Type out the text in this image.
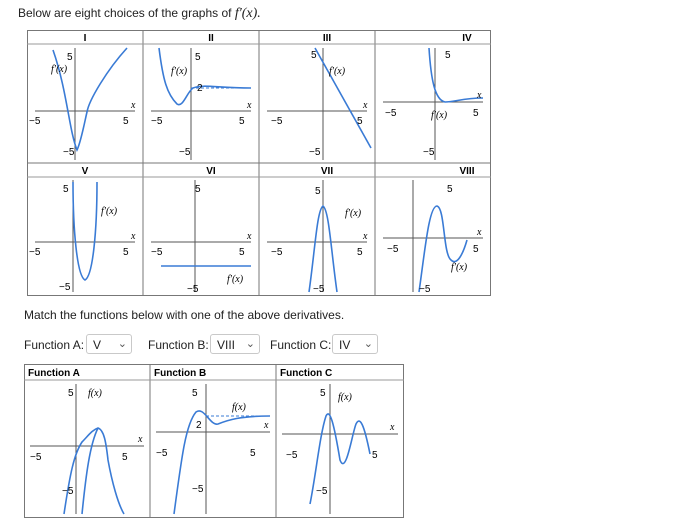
Below are eight choices of the graphs of f′(x).
I
f′(x)
5
−5	5
x
−5
II
f′(x)
5
2
−5	5
x
−5
III
f′(x)
5
−5	5
x
−5
IV
f′(x)
5
−5	5
x
−5
V
f′(x)
5
−5	5
x
−5
VI
f′(x)
5
−5	5
x
−5
VII
f′(x)
5
−5	5
x
−5
VIII
f′(x)
5
−5	5
x
−5
Match the functions below with one of the above derivatives.
Function A: V ⌄ Function B: VIII ⌄ Function C: IV ⌄
Function A
f(x)
5
−5	5
x
−5
Function B
f(x)
5
2
−5	5
x
−5
Function C
f(x)
5
−5	5
x
−5
